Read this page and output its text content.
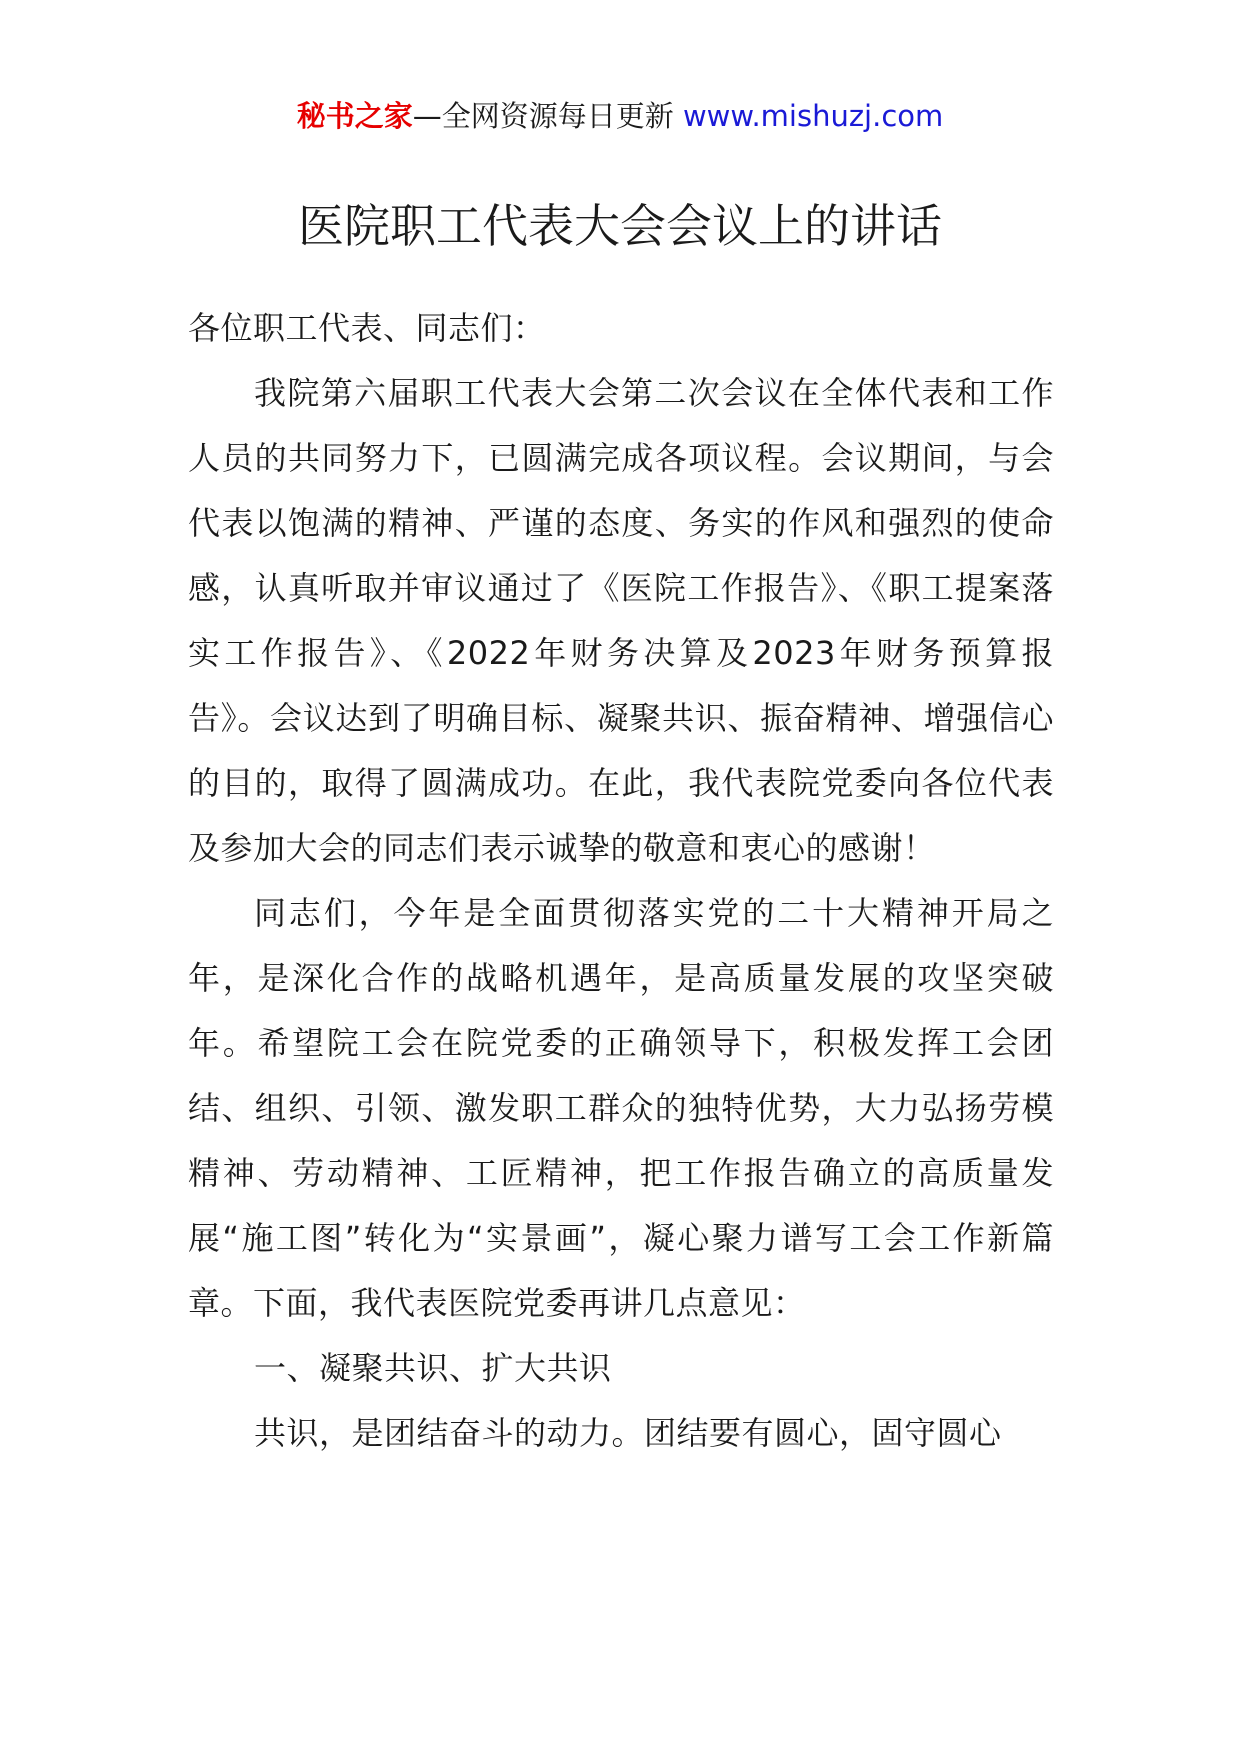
秘书之家—全网资源每日更新 www.mishuzj.com
医院职工代表大会会议上的讲话

各位职工代表、同志们：

我院第六届职工代表大会第二次会议在全体代表和工作人员的共同努力下，已圆满完成各项议程。会议期间，与会代表以饱满的精神、严谨的态度、务实的作风和强烈的使命感，认真听取并审议通过了《医院工作报告》、《职工提案落实工作报告》、《2022年财务决算及2023年财务预算报告》。会议达到了明确目标、凝聚共识、振奋精神、增强信心的目的，取得了圆满成功。在此，我代表院党委向各位代表及参加大会的同志们表示诚挚的敬意和衷心的感谢！

同志们，今年是全面贯彻落实党的二十大精神开局之年，是深化合作的战略机遇年，是高质量发展的攻坚突破年。希望院工会在院党委的正确领导下，积极发挥工会团结、组织、引领、激发职工群众的独特优势，大力弘扬劳模精神、劳动精神、工匠精神，把工作报告确立的高质量发展“施工图”转化为“实景画”，凝心聚力谱写工会工作新篇章。下面，我代表医院党委再讲几点意见：

一、凝聚共识、扩大共识

共识，是团结奋斗的动力。团结要有圆心，固守圆心
